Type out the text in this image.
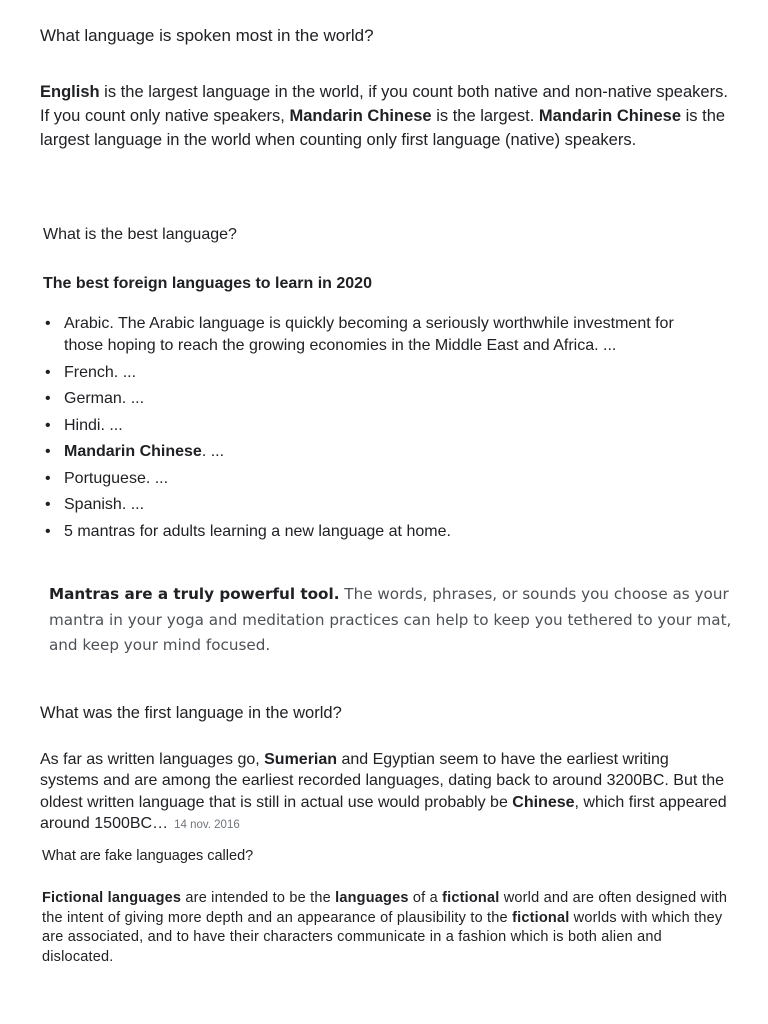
What language is spoken most in the world?
English is the largest language in the world, if you count both native and non-native speakers. If you count only native speakers, Mandarin Chinese is the largest. Mandarin Chinese is the largest language in the world when counting only first language (native) speakers.
What is the best language?
The best foreign languages to learn in 2020
• Arabic. The Arabic language is quickly becoming a seriously worthwhile investment for those hoping to reach the growing economies in the Middle East and Africa. ...
• French. ...
• German. ...
• Hindi. ...
• Mandarin Chinese. ...
• Portuguese. ...
• Spanish. ...
• 5 mantras for adults learning a new language at home.
Mantras are a truly powerful tool. The words, phrases, or sounds you choose as your mantra in your yoga and meditation practices can help to keep you tethered to your mat, and keep your mind focused.
What was the first language in the world?
As far as written languages go, Sumerian and Egyptian seem to have the earliest writing systems and are among the earliest recorded languages, dating back to around 3200BC. But the oldest written language that is still in actual use would probably be Chinese, which first appeared around 1500BC… 14 nov. 2016
What are fake languages called?
Fictional languages are intended to be the languages of a fictional world and are often designed with the intent of giving more depth and an appearance of plausibility to the fictional worlds with which they are associated, and to have their characters communicate in a fashion which is both alien and dislocated.
